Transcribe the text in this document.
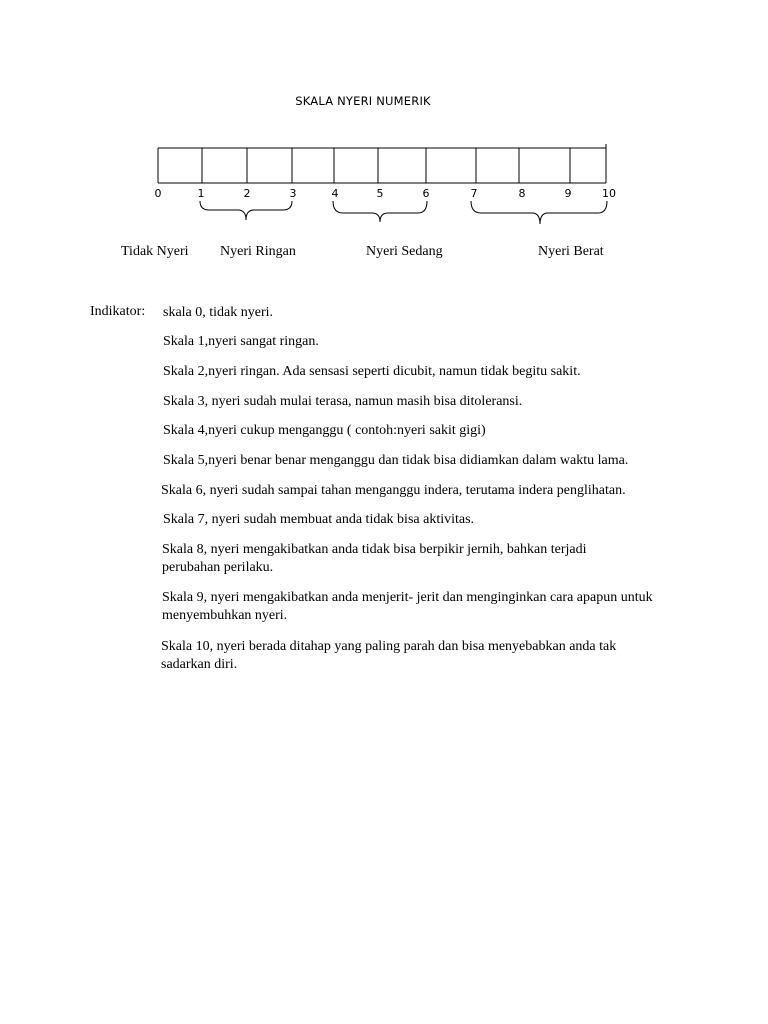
SKALA NYERI NUMERIK
0	1	2	3	4	5	6	7	8	9	10
Tidak Nyeri Nyeri Ringan	Nyeri Sedang	Nyeri Berat
Indikator: skala 0, tidak nyeri.
Skala 1,nyeri sangat ringan.
Skala 2,nyeri ringan. Ada sensasi seperti dicubit, namun tidak begitu sakit.
Skala 3, nyeri sudah mulai terasa, namun masih bisa ditoleransi.
Skala 4,nyeri cukup menganggu ( contoh:nyeri sakit gigi)
Skala 5,nyeri benar benar menganggu dan tidak bisa didiamkan dalam waktu lama.
Skala 6, nyeri sudah sampai tahan menganggu indera, terutama indera penglihatan.
Skala 7, nyeri sudah membuat anda tidak bisa aktivitas.
Skala 8, nyeri mengakibatkan anda tidak bisa berpikir jernih, bahkan terjadi perubahan perilaku.
Skala 9, nyeri mengakibatkan anda menjerit- jerit dan menginginkan cara apapun untuk menyembuhkan nyeri.
Skala 10, nyeri berada ditahap yang paling parah dan bisa menyebabkan anda tak sadarkan diri.
